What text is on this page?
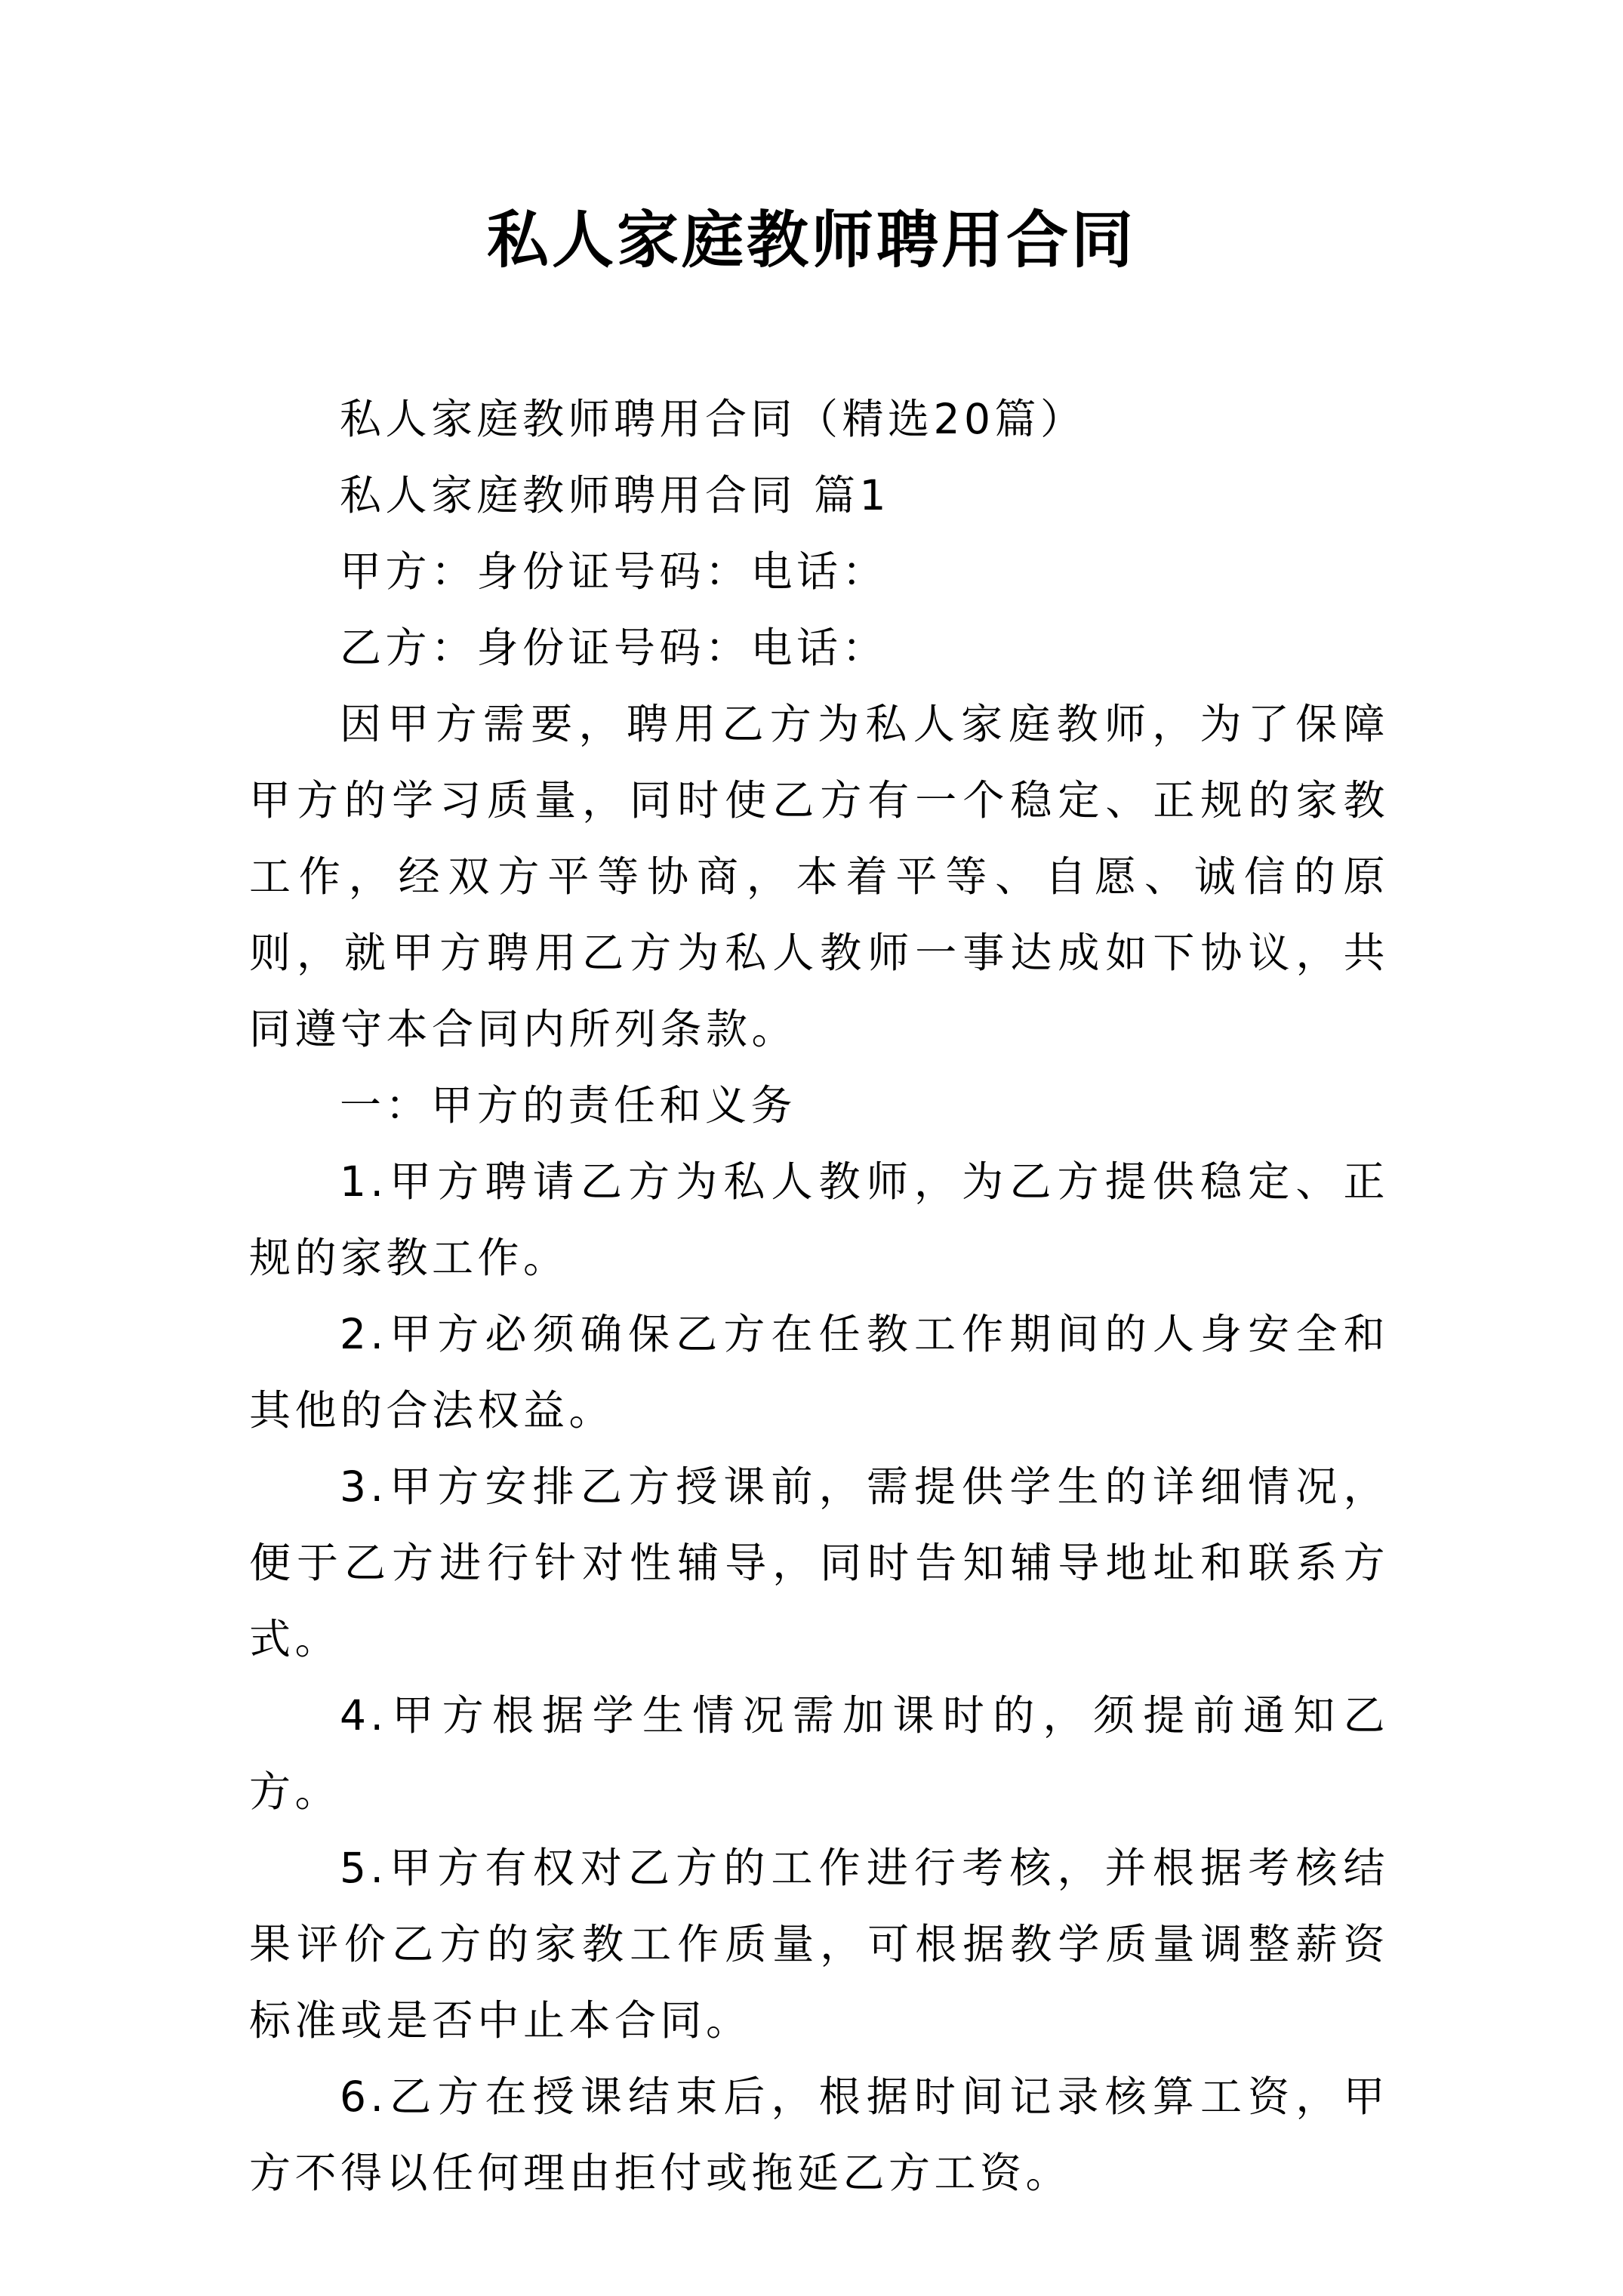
私人家庭教师聘用合同

私人家庭教师聘用合同（精选20篇）

私人家庭教师聘用合同 篇1

甲方：身份证号码：电话：

乙方：身份证号码：电话：

因甲方需要，聘用乙方为私人家庭教师，为了保障甲方的学习质量，同时使乙方有一个稳定、正规的家教工作，经双方平等协商，本着平等、自愿、诚信的原则，就甲方聘用乙方为私人教师一事达成如下协议，共同遵守本合同内所列条款。

一：甲方的责任和义务

1.甲方聘请乙方为私人教师，为乙方提供稳定、正规的家教工作。

2.甲方必须确保乙方在任教工作期间的人身安全和其他的合法权益。

3.甲方安排乙方授课前，需提供学生的详细情况，便于乙方进行针对性辅导，同时告知辅导地址和联系方式。

4.甲方根据学生情况需加课时的，须提前通知乙方。

5.甲方有权对乙方的工作进行考核，并根据考核结果评价乙方的家教工作质量，可根据教学质量调整薪资标准或是否中止本合同。

6.乙方在授课结束后，根据时间记录核算工资，甲方不得以任何理由拒付或拖延乙方工资。
